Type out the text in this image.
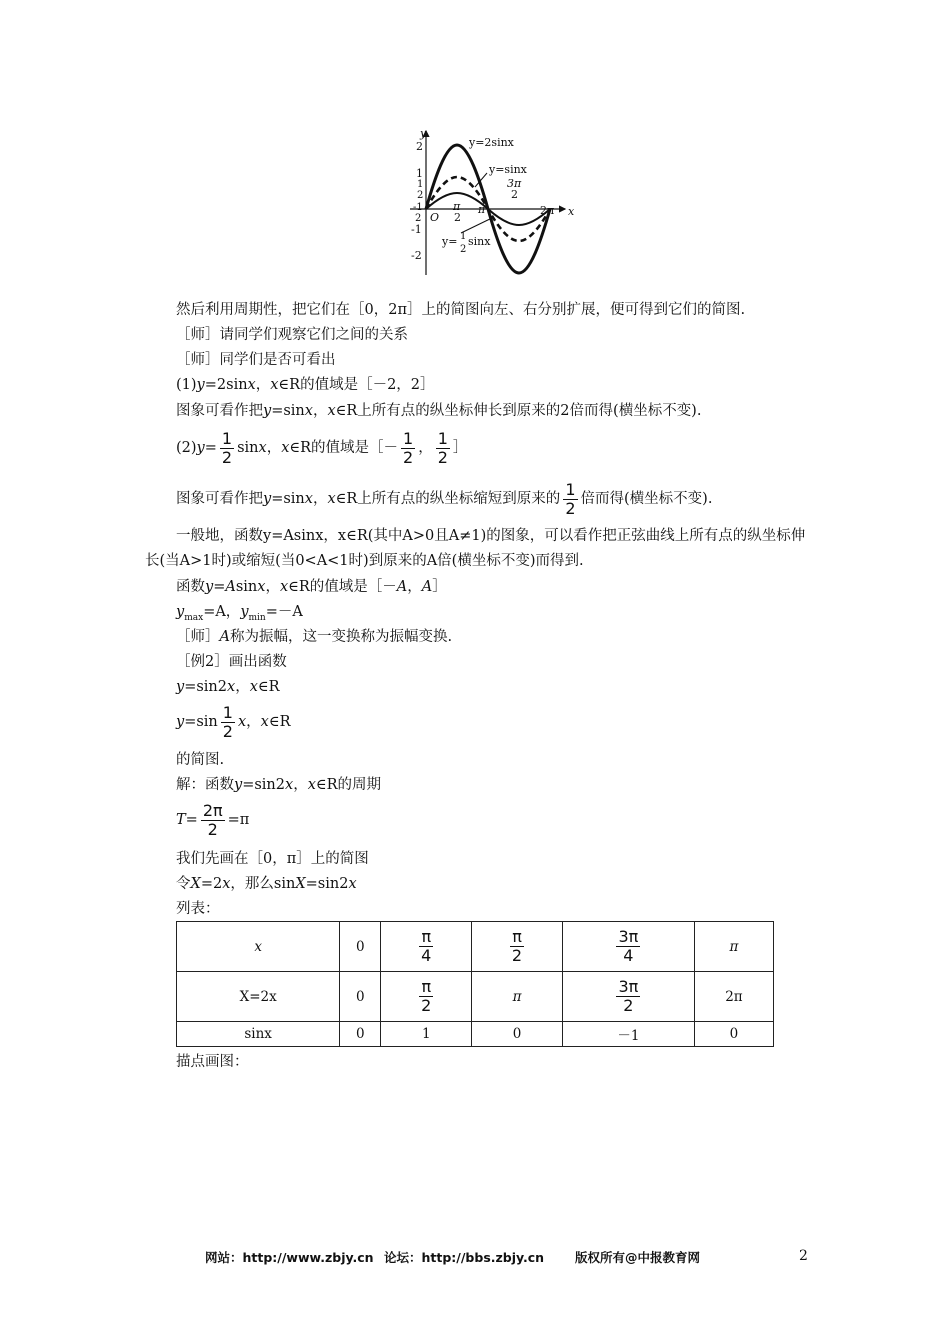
y
x
O
2
1
1
2
-1
2
-1
-2
π
2
π
3π
2
2π
y=2sinx
y=sinx
y= 1
2
sinx
然后利用周期性，把它们在［0，2π］上的简图向左、右分别扩展，便可得到它们的简图.
［师］请同学们观察它们之间的关系
［师］同学们是否可看出
(1)y=2sinx，x∈R的值域是［－2，2］
图象可看作把y=sinx，x∈R上所有点的纵坐标伸长到原来的2倍而得(横坐标不变).
$(2)y= \frac{1}{2}$ sinx，x∈R的值域是［－ $\frac{1}{2}$ ， $\frac{1}{2}$ ］
图象可看作把y=sinx，x∈R上所有点的纵坐标缩短到原来的 $\frac{1}{2}$ 倍而得(横坐标不变).
一般地，函数y=Asinx，x∈R(其中A>0且A≠1)的图象，可以看作把正弦曲线上所有点的纵坐标伸长(当A>1时)或缩短(当0<A<1时)到原来的A倍(横坐标不变)而得到.
函数y=Asinx，x∈R的值域是［－A，A］
$y_{max}=A$，$y_{min}=-A$
［师］A称为振幅，这一变换称为振幅变换.
［例2］画出函数
y=sin2x，x∈R
$y=\sin \frac{1}{2}$ x，x∈R
的简图.
解：函数y=sin2x，x∈R的周期
$T= \frac{2\pi}{2} =\pi$
我们先画在［0，π］上的简图
令X=2x，那么sinX=sin2x
列表：
x	0	$\frac{\pi}{4}$	$\frac{\pi}{2}$	$\frac{3\pi}{4}$	π
X=2x	0	$\frac{\pi}{2}$	π	$\frac{3\pi}{2}$	2π
sinx	0	1	0	－1	0
描点画图：
网站：http://www.zbjy.cn 论坛：http://bbs.zbjy.cn 版权所有@中报教育网	2
